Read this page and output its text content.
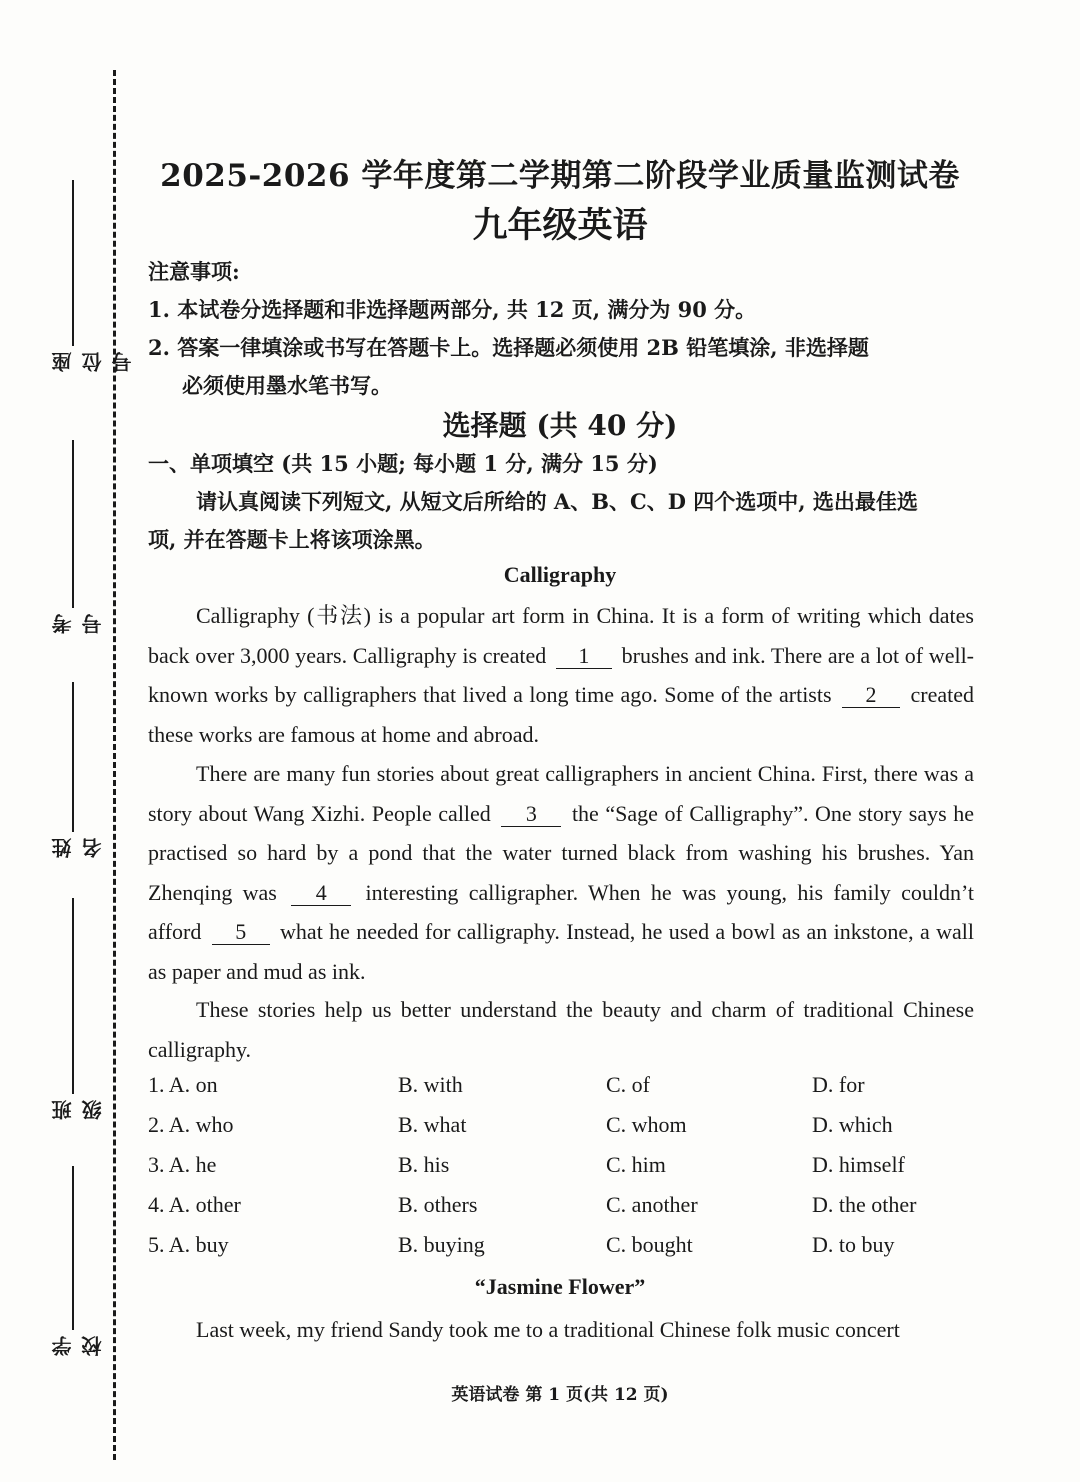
座位号
考号
姓名
班级
学校
2025-2026 学年度第二学期第二阶段学业质量监测试卷
九年级英语
注意事项:
1. 本试卷分选择题和非选择题两部分, 共 12 页, 满分为 90 分。
2. 答案一律填涂或书写在答题卡上。选择题必须使用 2B 铅笔填涂, 非选择题
必须使用墨水笔书写。
选择题 (共 40 分)
一、单项填空 (共 15 小题; 每小题 1 分, 满分 15 分)
请认真阅读下列短文, 从短文后所给的 A、B、C、D 四个选项中, 选出最佳选
项, 并在答题卡上将该项涂黑。
Calligraphy
Calligraphy (书法) is a popular art form in China. It is a form of writing which dates back over 3,000 years. Calligraphy is created 1 brushes and ink. There are a lot of well-known works by calligraphers that lived a long time ago. Some of the artists 2 created these works are famous at home and abroad.
There are many fun stories about great calligraphers in ancient China. First, there was a story about Wang Xizhi. People called 3 the “Sage of Calligraphy”. One story says he practised so hard by a pond that the water turned black from washing his brushes. Yan Zhenqing was 4 interesting calligrapher. When he was young, his family couldn’t afford 5 what he needed for calligraphy. Instead, he used a bowl as an inkstone, a wall as paper and mud as ink.
These stories help us better understand the beauty and charm of traditional Chinese calligraphy.
1. A. on	B. with	C. of	D. for
2. A. who	B. what	C. whom	D. which
3. A. he	B. his	C. him	D. himself
4. A. other	B. others	C. another	D. the other
5. A. buy	B. buying	C. bought	D. to buy
“Jasmine Flower”
Last week, my friend Sandy took me to a traditional Chinese folk music concert
英语试卷 第 1 页(共 12 页)
